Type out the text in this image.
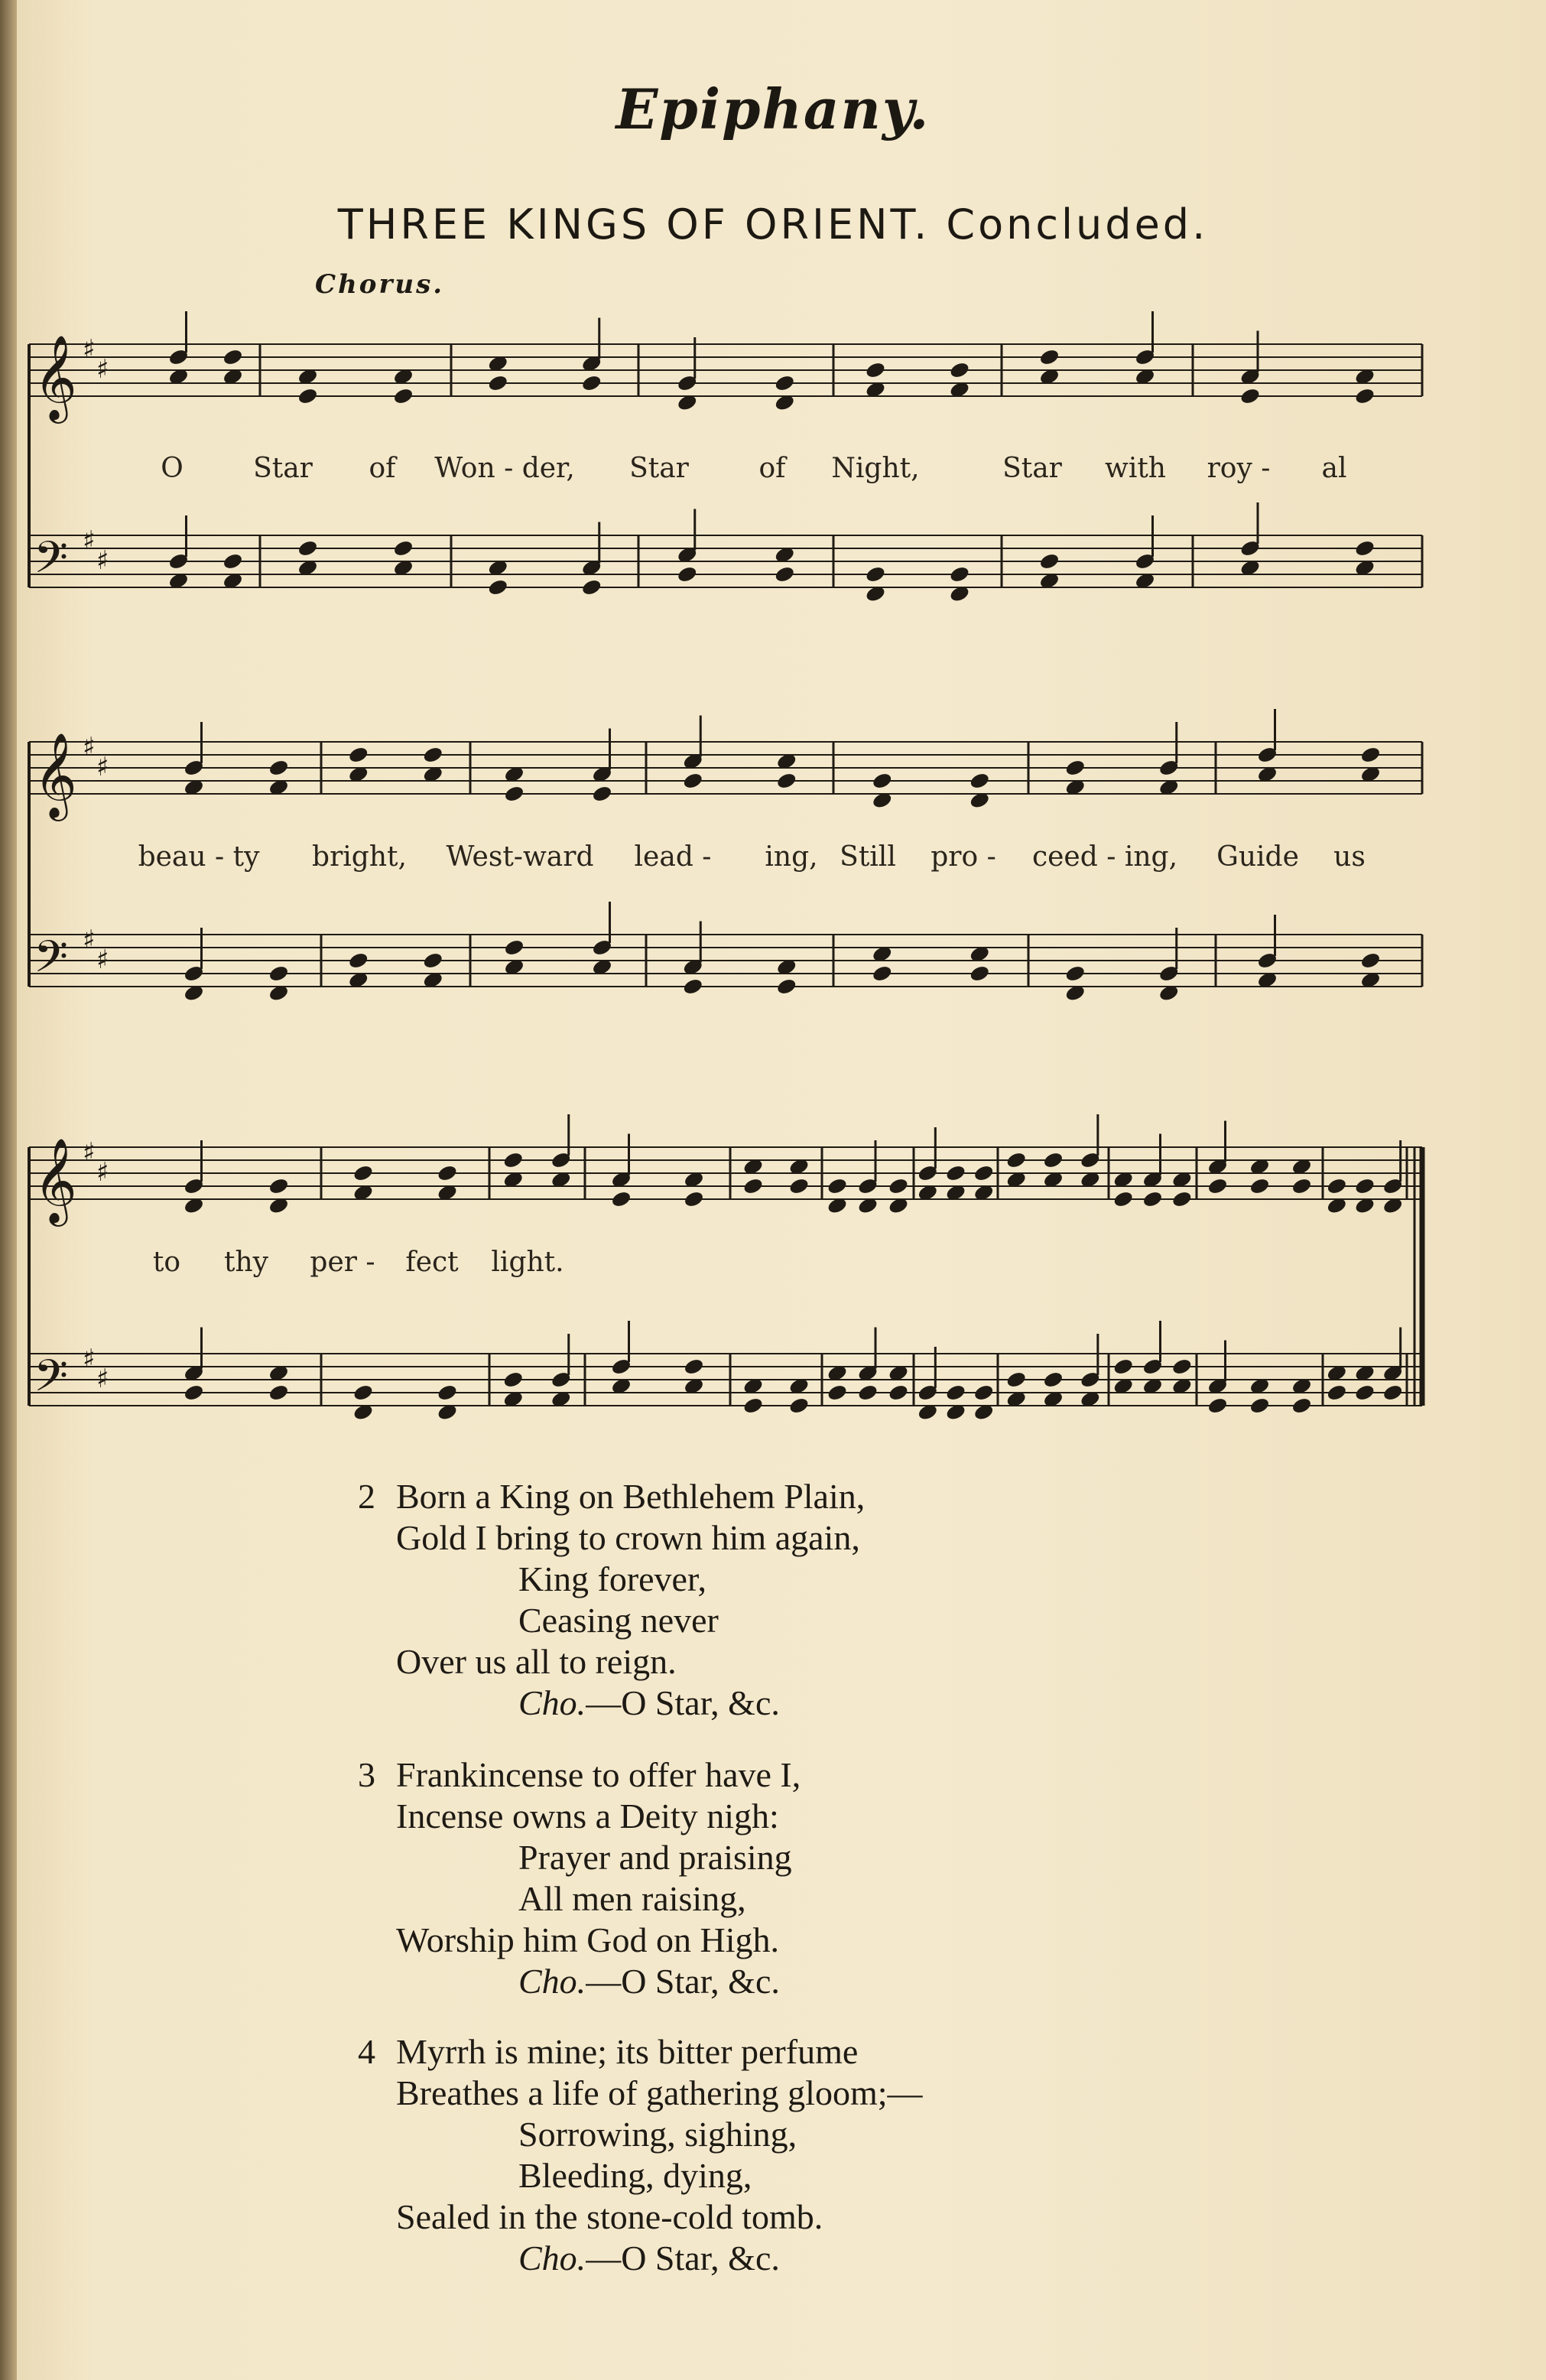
Epiphany.
THREE KINGS OF ORIENT. Concluded.
Chorus.
𝄞 ♯
♯
𝄢 ♯
♯
𝄞 ♯
♯
𝄢 ♯
♯
𝄞 ♯
♯
𝄢 ♯
♯
O	Star of Won - der, Star	of Night,	Star with roy - al
beau - ty bright, West-ward lead - ing, Still pro - ceed - ing, Guide us
to thy per - fect light.
2 Born a King on Bethlehem Plain,
Gold I bring to crown him again,
King forever,
Ceasing never
Over us all to reign.
Cho.—O Star, &c.
3 Frankincense to offer have I,
Incense owns a Deity nigh:
Prayer and praising
All men raising,
Worship him God on High.
Cho.—O Star, &c.
4 Myrrh is mine; its bitter perfume
Breathes a life of gathering gloom;—
Sorrowing, sighing,
Bleeding, dying,
Sealed in the stone-cold tomb.
Cho.—O Star, &c.
